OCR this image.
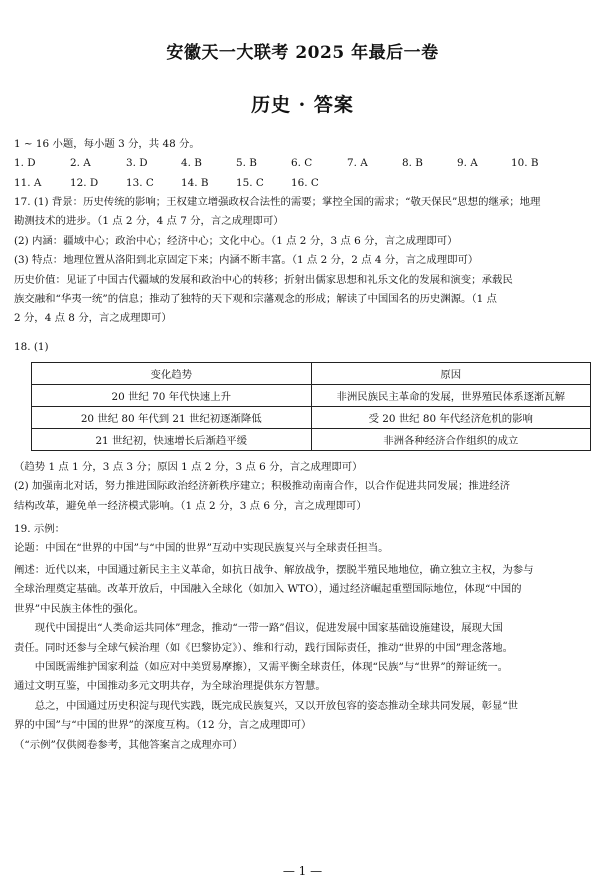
安徽天一大联考 2025 年最后一卷
历史 · 答案
1 ~ 16 小题，每小题 3 分，共 48 分。
1. D	2. A	3. D	4. B	5. B	6. C	7. A	8. B	9. A	10. B
11. A	12. D	13. C	14. B	15. C	16. C
17. (1) 背景：历史传统的影响；王权建立增强政权合法性的需要；掌控全国的需求；“敬天保民”思想的继承；地理
勘测技术的进步。（1 点 2 分，4 点 7 分，言之成理即可）
(2) 内涵：疆域中心；政治中心；经济中心；文化中心。（1 点 2 分，3 点 6 分，言之成理即可）
(3) 特点：地理位置从洛阳到北京固定下来；内涵不断丰富。（1 点 2 分，2 点 4 分，言之成理即可）
历史价值：见证了中国古代疆域的发展和政治中心的转移；折射出儒家思想和礼乐文化的发展和演变；承载民
族交融和“华夷一统”的信息；推动了独特的天下观和宗藩观念的形成；解读了中国国名的历史渊源。（1 点
2 分，4 点 8 分，言之成理即可）
18. (1)
变化趋势	原因
20 世纪 70 年代快速上升	非洲民族民主革命的发展，世界殖民体系逐渐瓦解
20 世纪 80 年代到 21 世纪初逐渐降低	受 20 世纪 80 年代经济危机的影响
21 世纪初，快速增长后渐趋平缓	非洲各种经济合作组织的成立
（趋势 1 点 1 分，3 点 3 分；原因 1 点 2 分，3 点 6 分，言之成理即可）
(2) 加强南北对话，努力推进国际政治经济新秩序建立；积极推动南南合作，以合作促进共同发展；推进经济
结构改革，避免单一经济模式影响。（1 点 2 分，3 点 6 分，言之成理即可）
19. 示例：
论题：中国在“世界的中国”与“中国的世界”互动中实现民族复兴与全球责任担当。
阐述：近代以来，中国通过新民主主义革命，如抗日战争、解放战争，摆脱半殖民地地位，确立独立主权，为参与
全球治理奠定基础。改革开放后，中国融入全球化（如加入 WTO），通过经济崛起重塑国际地位，体现“中国的
世界”中民族主体性的强化。
　　现代中国提出“人类命运共同体”理念，推动“一带一路”倡议，促进发展中国家基础设施建设，展现大国
责任。同时还参与全球气候治理（如《巴黎协定》）、维和行动，践行国际责任，推动“世界的中国”理念落地。
　　中国既需维护国家利益（如应对中美贸易摩擦），又需平衡全球责任，体现“民族”与“世界”的辩证统一。
通过文明互鉴，中国推动多元文明共存，为全球治理提供东方智慧。
　　总之，中国通过历史积淀与现代实践，既完成民族复兴，又以开放包容的姿态推动全球共同发展，彰显“世
界的中国”与“中国的世界”的深度互构。（12 分，言之成理即可）
（“示例”仅供阅卷参考，其他答案言之成理亦可）
— 1 —
